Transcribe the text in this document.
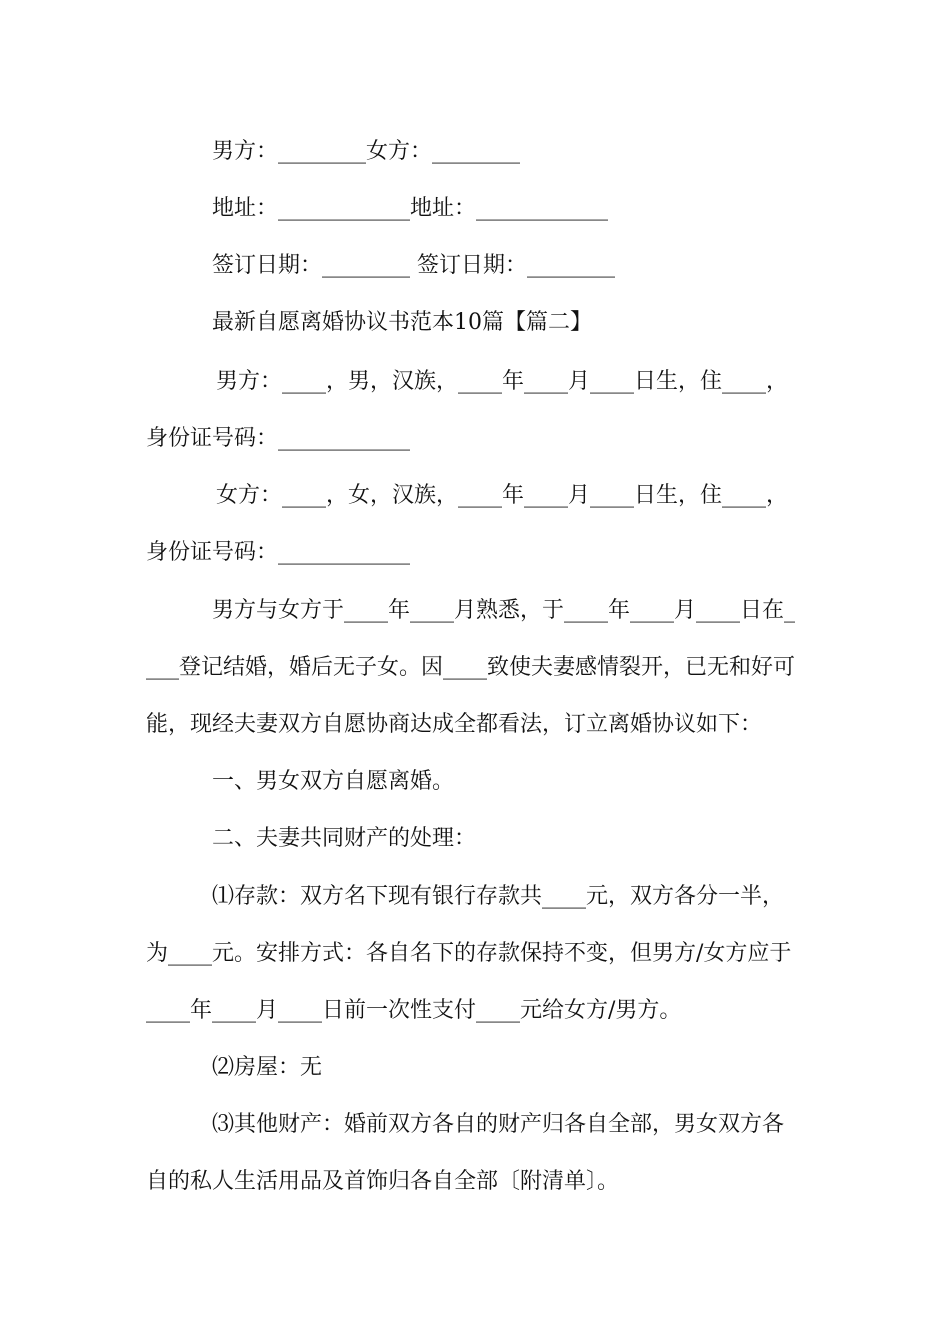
男方：________女方：________
地址：____________地址：____________
签订日期：________ 签订日期：________
最新自愿离婚协议书范本10篇【篇二】
男方：____，男，汉族，____年____月____日生，住____，
身份证号码：____________
女方：____，女，汉族，____年____月____日生，住____，
身份证号码：____________
男方与女方于____年____月熟悉，于____年____月____日在_
___登记结婚，婚后无子女。因____致使夫妻感情裂开，已无和好可
能，现经夫妻双方自愿协商达成全都看法，订立离婚协议如下：
一、男女双方自愿离婚。
二、夫妻共同财产的处理：
⑴存款：双方名下现有银行存款共____元，双方各分一半，
为____元。安排方式：各自名下的存款保持不变，但男方/女方应于
____年____月____日前一次性支付____元给女方/男方。
⑵房屋：无
⑶其他财产：婚前双方各自的财产归各自全部，男女双方各
自的私人生活用品及首饰归各自全部〔附清单〕。
